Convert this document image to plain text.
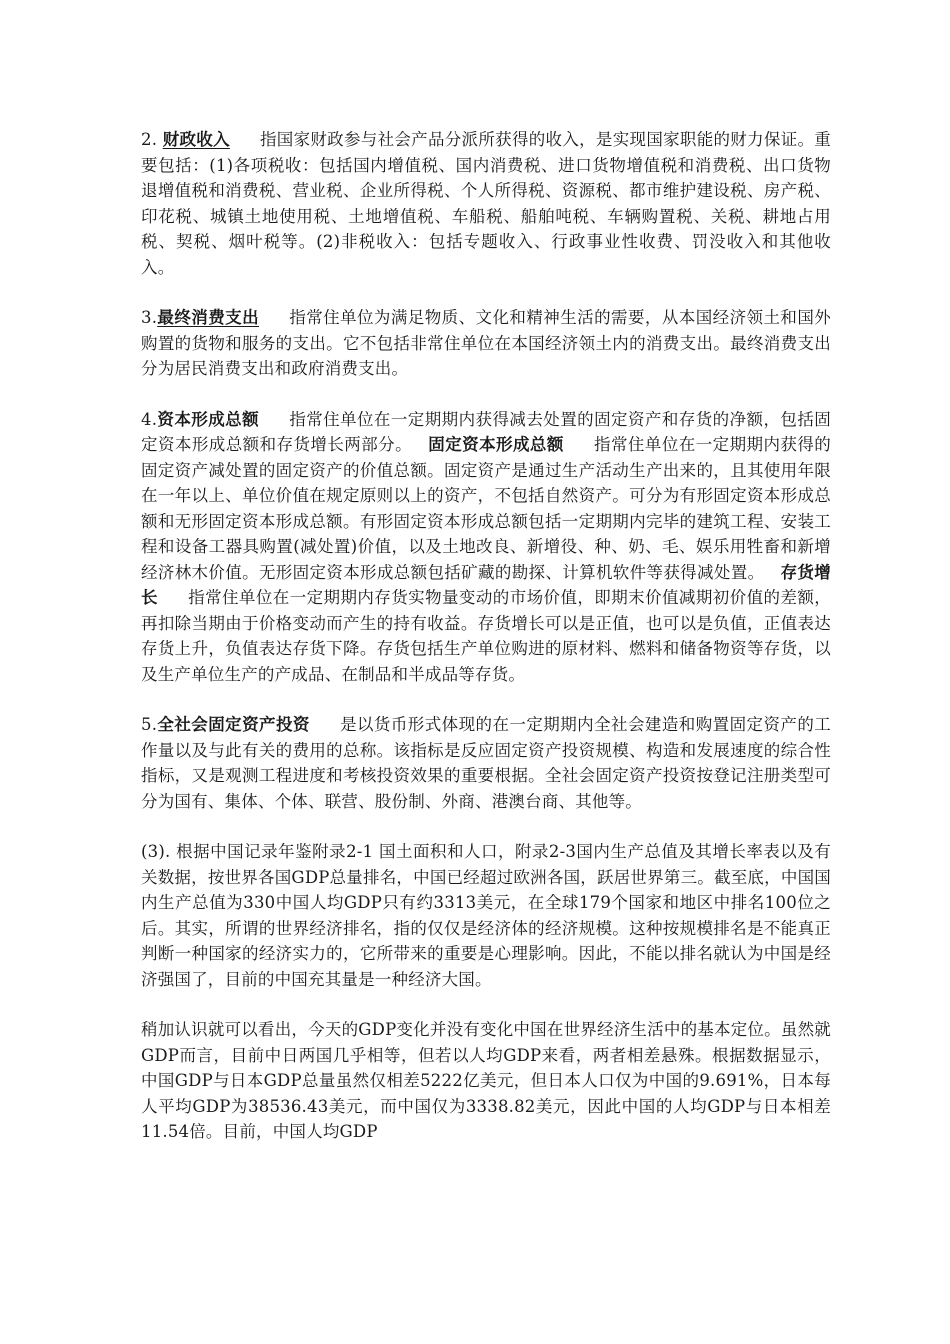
2. 财政收入 指国家财政参与社会产品分派所获得的收入，是实现国家职能的财力保证。重要包括：(1)各项税收：包括国内增值税、国内消费税、进口货物增值税和消费税、出口货物退增值税和消费税、营业税、企业所得税、个人所得税、资源税、都市维护建设税、房产税、印花税、城镇土地使用税、土地增值税、车船税、船舶吨税、车辆购置税、关税、耕地占用税、契税、烟叶税等。(2)非税收入：包括专题收入、行政事业性收费、罚没收入和其他收入。

3.最终消费支出 指常住单位为满足物质、文化和精神生活的需要，从本国经济领土和国外购置的货物和服务的支出。它不包括非常住单位在本国经济领土内的消费支出。最终消费支出分为居民消费支出和政府消费支出。

4.资本形成总额 指常住单位在一定期期内获得减去处置的固定资产和存货的净额，包括固定资本形成总额和存货增长两部分。 固定资本形成总额 指常住单位在一定期期内获得的固定资产减处置的固定资产的价值总额。固定资产是通过生产活动生产出来的，且其使用年限在一年以上、单位价值在规定原则以上的资产，不包括自然资产。可分为有形固定资本形成总额和无形固定资本形成总额。有形固定资本形成总额包括一定期期内完毕的建筑工程、安装工程和设备工器具购置(减处置)价值，以及土地改良、新增役、种、奶、毛、娱乐用牲畜和新增经济林木价值。无形固定资本形成总额包括矿藏的勘探、计算机软件等获得减处置。 存货增长 指常住单位在一定期期内存货实物量变动的市场价值，即期末价值减期初价值的差额，再扣除当期由于价格变动而产生的持有收益。存货增长可以是正值，也可以是负值，正值表达存货上升，负值表达存货下降。存货包括生产单位购进的原材料、燃料和储备物资等存货，以及生产单位生产的产成品、在制品和半成品等存货。

5.全社会固定资产投资 是以货币形式体现的在一定期期内全社会建造和购置固定资产的工作量以及与此有关的费用的总称。该指标是反应固定资产投资规模、构造和发展速度的综合性指标，又是观测工程进度和考核投资效果的重要根据。全社会固定资产投资按登记注册类型可分为国有、集体、个体、联营、股份制、外商、港澳台商、其他等。

(3). 根据中国记录年鉴附录2-1 国土面积和人口，附录2-3国内生产总值及其增长率表以及有关数据，按世界各国GDP总量排名，中国已经超过欧洲各国，跃居世界第三。截至底，中国国内生产总值为330中国人均GDP只有约3313美元，在全球179个国家和地区中排名100位之后。其实，所谓的世界经济排名，指的仅仅是经济体的经济规模。这种按规模排名是不能真正判断一种国家的经济实力的，它所带来的重要是心理影响。因此，不能以排名就认为中国是经济强国了，目前的中国充其量是一种经济大国。

稍加认识就可以看出，今天的GDP变化并没有变化中国在世界经济生活中的基本定位。虽然就GDP而言，目前中日两国几乎相等，但若以人均GDP来看，两者相差悬殊。根据数据显示，中国GDP与日本GDP总量虽然仅相差5222亿美元，但日本人口仅为中国的9.691%，日本每人平均GDP为38536.43美元，而中国仅为3338.82美元，因此中国的人均GDP与日本相差11.54倍。目前，中国人均GDP
